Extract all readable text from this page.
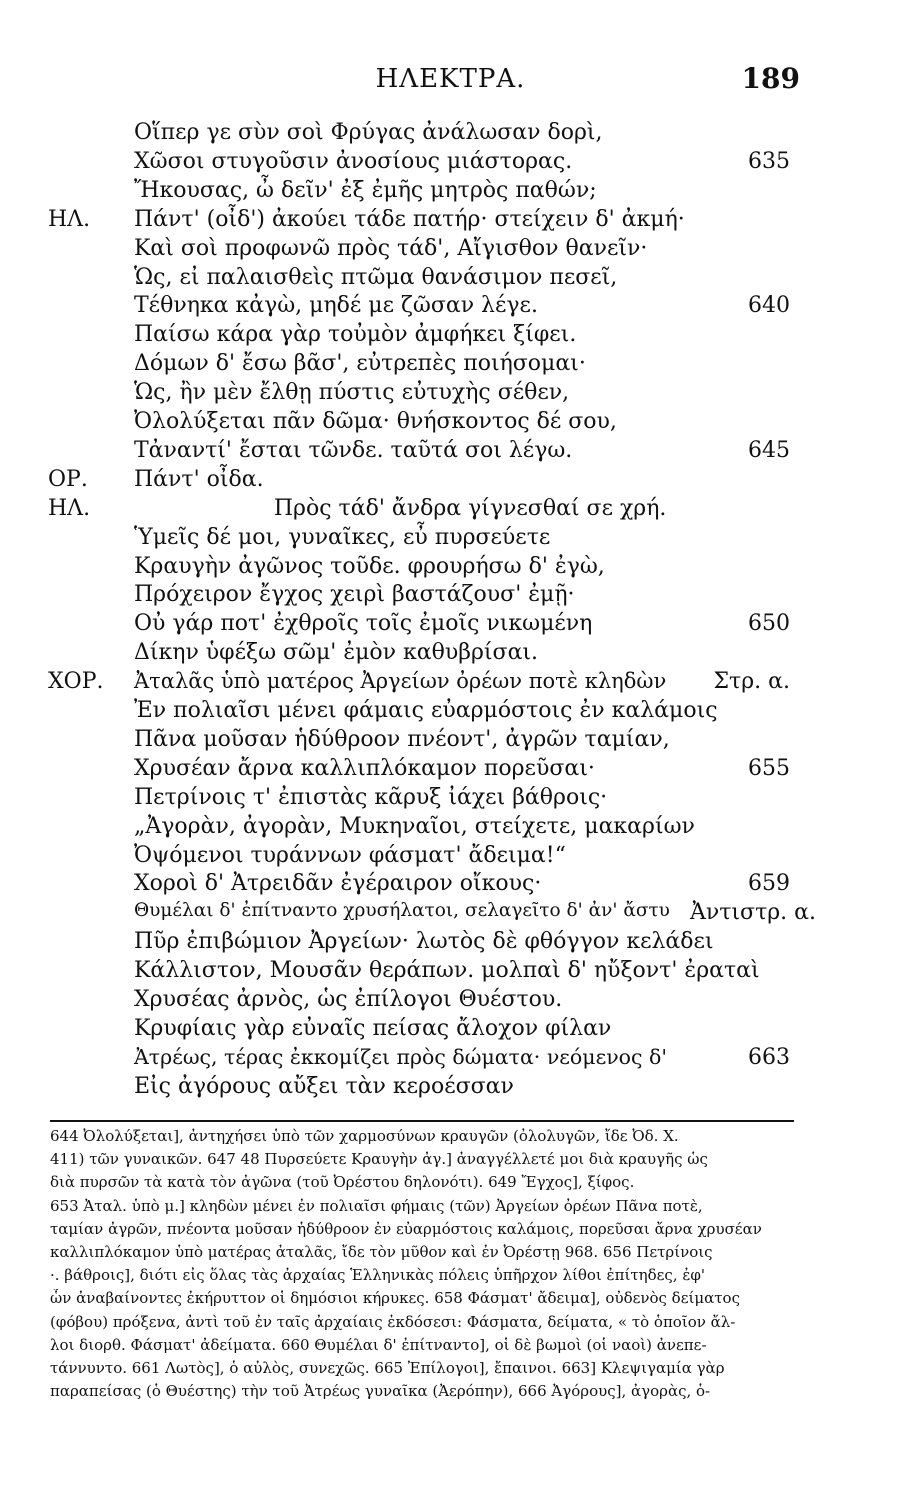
ΗΛΕΚΤΡΑ.	189
Οἵπερ γε σὺν σοὶ Φρύγας ἀνάλωσαν δορὶ,
Χῶσοι στυγοῦσιν ἀνοσίους μιάστορας.	635
Ἤκουσας, ὦ δεῖν' ἐξ ἐμῆς μητρὸς παθών;
ΗΛ. Πάντ' (οἶδ') ἀκούει τάδε πατήρ· στείχειν δ' ἀκμή·
Καὶ σοὶ προφωνῶ πρὸς τάδ', Αἴγισθον θανεῖν·
Ὡς, εἰ παλαισθεὶς πτῶμα θανάσιμον πεσεῖ,
Τέθνηκα κἀγὼ, μηδέ με ζῶσαν λέγε.	640
Παίσω κάρα γὰρ τοὐμὸν ἀμφήκει ξίφει.
Δόμων δ' ἔσω βᾶσ', εὐτρεπὲς ποιήσομαι·
Ὡς, ἢν μὲν ἔλθῃ πύστις εὐτυχὴς σέθεν,
Ὀλολύξεται πᾶν δῶμα· θνήσκοντος δέ σου,
Τἀναντί' ἔσται τῶνδε. ταῦτά σοι λέγω.	645
ΟΡ. Πάντ' οἶδα.
ΗΛ. Πρὸς τάδ' ἄνδρα γίγνεσθαί σε χρή.
Ὑμεῖς δέ μοι, γυναῖκες, εὖ πυρσεύετε
Κραυγὴν ἀγῶνος τοῦδε. φρουρήσω δ' ἐγὼ,
Πρόχειρον ἔγχος χειρὶ βαστάζουσ' ἐμῇ·
Οὐ γάρ ποτ' ἐχθροῖς τοῖς ἐμοῖς νικωμένη	650
Δίκην ὑφέξω σῶμ' ἐμὸν καθυβρίσαι.
ΧΟΡ. Ἀταλᾶς ὑπὸ ματέρος Ἀργείων ὀρέων ποτὲ κληδὼν	Στρ. α.
Ἐν πολιαῖσι μένει φάμαις εὐαρμόστοις ἐν καλάμοις
Πᾶνα μοῦσαν ἡδύθροον πνέοντ', ἀγρῶν ταμίαν,
Χρυσέαν ἄρνα καλλιπλόκαμον πορεῦσαι·	655
Πετρίνοις τ' ἐπιστὰς κᾶρυξ ἰάχει βάθροις·
„Ἀγορὰν, ἀγορὰν, Μυκηναῖοι, στείχετε, μακαρίων
Ὀψόμενοι τυράννων φάσματ' ἄδειμα!“
Χοροὶ δ' Ἀτρειδᾶν ἐγέραιρον οἴκους·	659
Θυμέλαι δ' ἐπίτναντο χρυσήλατοι, σελαγεῖτο δ' ἀν' ἄστυ Ἀντιστρ. α.
Πῦρ ἐπιβώμιον Ἀργείων· λωτὸς δὲ φθόγγον κελάδει
Κάλλιστον, Μουσᾶν θεράπων. μολπαὶ δ' ηὔξοντ' ἐραταὶ
Χρυσέας ἀρνὸς, ὡς ἐπίλογοι Θυέστου.
Κρυφίαις γὰρ εὐναῖς πείσας ἄλοχον φίλαν
Ἀτρέως, τέρας ἐκκομίζει πρὸς δώματα· νεόμενος δ'	663
Εἰς ἀγόρους αὔξει τὰν κεροέσσαν
644 Ὀλολύξεται], ἀντηχήσει ὑπὸ τῶν χαρμοσύνων κραυγῶν (ὀλολυγῶν, ἴδε Ὀδ. Χ.
411) τῶν γυναικῶν. 647 48 Πυρσεύετε Κραυγὴν ἀγ.] ἀναγγέλλετέ μοι διὰ κραυγῆς ὡς
διὰ πυρσῶν τὰ κατὰ τὸν ἀγῶνα (τοῦ Ὀρέστου δηλονότι). 649 Ἔγχος], ξίφος.
653 Ἀταλ. ὑπὸ μ.] κληδὼν μένει ἐν πολιαῖσι φήμαις (τῶν) Ἀργείων ὀρέων Πᾶνα ποτὲ,
ταμίαν ἀγρῶν, πνέοντα μοῦσαν ἡδύθροον ἐν εὐαρμόστοις καλάμοις, πορεῦσαι ἄρνα χρυσέαν
καλλιπλόκαμον ὑπὸ ματέρας ἀταλᾶς, ἴδε τὸν μῦθον καὶ ἐν Ὀρέστῃ 968. 656 Πετρίνοις
·. βάθροις], διότι εἰς ὅλας τὰς ἀρχαίας Ἑλληνικὰς πόλεις ὑπῆρχον λίθοι ἐπίτηδες, ἐφ'
ὧν ἀναβαίνοντες ἐκήρυττον οἱ δημόσιοι κήρυκες. 658 Φάσματ' ἄδειμα], οὐδενὸς δείματος
(φόβου) πρόξενα, ἀντὶ τοῦ ἐν ταῖς ἀρχαίαις ἐκδόσεσι: Φάσματα, δείματα, « τὸ ὁποῖον ἄλ-
λοι διορθ. Φάσματ' ἀδείματα. 660 Θυμέλαι δ' ἐπίτναντο], οἱ δὲ βωμοὶ (οἱ ναοὶ) ἀνεπε-
τάννυντο. 661 Λωτὸς], ὁ αὐλὸς, συνεχῶς. 665 Ἐπίλογοι], ἔπαινοι. 663] Κλεψιγαμία γὰρ
παραπείσας (ὁ Θυέστης) τὴν τοῦ Ἀτρέως γυναῖκα (Ἀερόπην), 666 Ἀγόρους], ἀγορὰς, ὁ-
